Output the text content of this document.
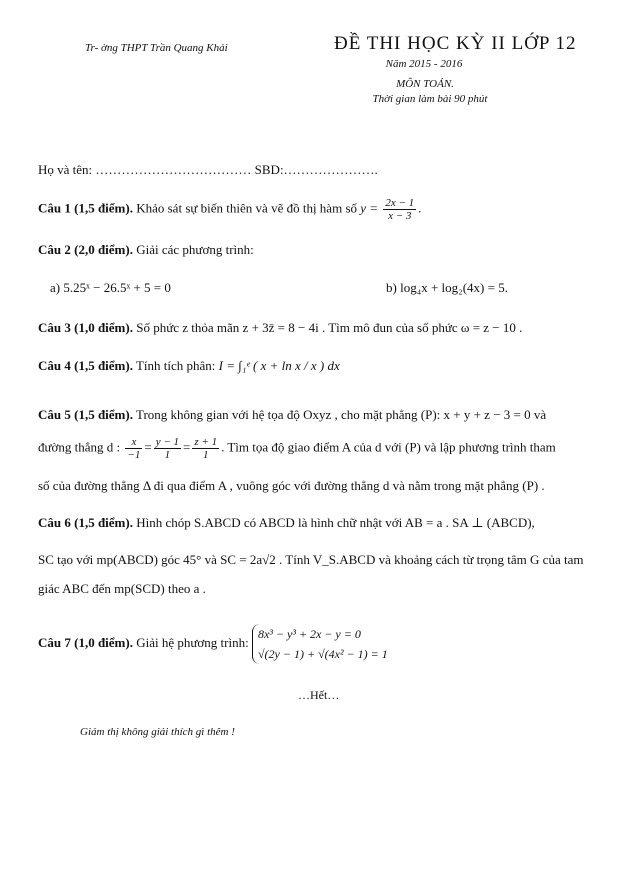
Tr- ờng THPT Trần Quang Khải	ĐỀ THI HỌC KỲ II LỚP 12
Năm 2015 - 2016
MÔN TOÁN.
Thời gian làm bài 90 phút
Họ và tên: ……………………………… SBD:………………….
Câu 1 (1,5 điểm). Khảo sát sự biến thiên và vẽ đồ thị hàm số $y = \frac{2x - 1}{x - 3}$ .
Câu 2 (2,0 điểm). Giải các phương trình:
a) 5.25ˣ − 26.5ˣ + 5 = 0	b) log₄x + log₂(4x) = 5.
Câu 3 (1,0 điểm). Số phức z thỏa mãn z + 3z̄ = 8 − 4i . Tìm mô đun của số phức ω = z − 10 .
Câu 4 (1,5 điểm). Tính tích phân: I = ∫₁ᵉ ( x + ln x / x ) dx
Câu 5 (1,5 điểm). Trong không gian với hệ tọa độ Oxyz , cho mặt phẳng (P): x + y + z − 3 = 0 và
đường thẳng d : $\frac{x}{-1} = \frac{y - 1}{1} = \frac{z + 1}{1}$ . Tìm tọa độ giao điểm A của d với (P) và lập phương trình tham
số của đường thẳng Δ đi qua điểm A , vuông góc với đường thẳng d và nằm trong mặt phẳng (P) .
Câu 6 (1,5 điểm). Hình chóp S.ABCD có ABCD là hình chữ nhật với AB = a . SA ⊥ (ABCD),
SC tạo với mp(ABCD) góc 45° và SC = 2a√2 . Tính V_S.ABCD và khoảng cách từ trọng tâm G của tam
giác ABC đến mp(SCD) theo a .
Câu 7 (1,0 điểm). Giải hệ phương trình:
8x³ − y³ + 2x − y = 0
√(2y − 1) + √(4x² − 1) = 1
…Hết…
Giám thị không giải thích gì thêm !
